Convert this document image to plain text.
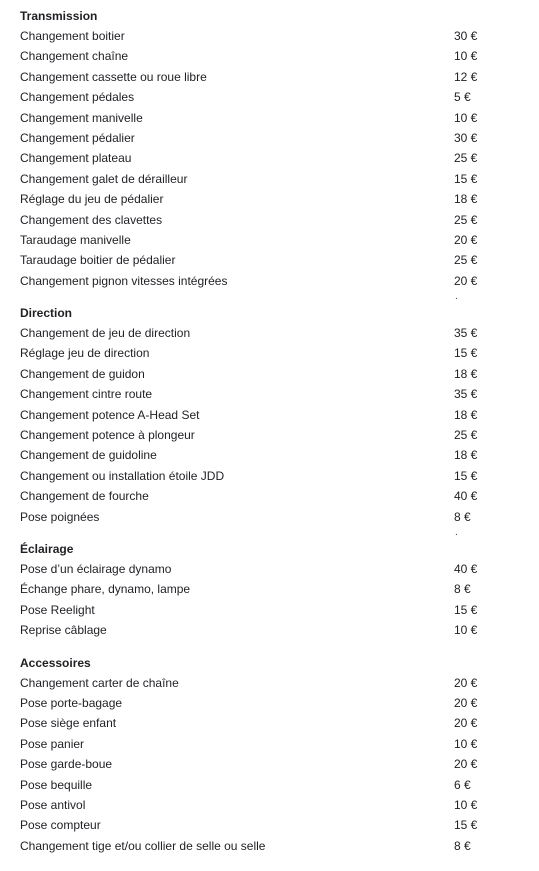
Transmission
Changement boitier	30 €
Changement chaîne	10 €
Changement cassette ou roue libre	12 €
Changement pédales	5 €
Changement manivelle	10 €
Changement pédalier	30 €
Changement plateau	25 €
Changement galet de dérailleur	15 €
Réglage du jeu de pédalier	18 €
Changement des clavettes	25 €
Taraudage manivelle	20 €
Taraudage boitier de pédalier	25 €
Changement pignon vitesses intégrées	20 €
.
Direction
Changement de jeu de direction	35 €
Réglage jeu de direction	15 €
Changement de guidon	18 €
Changement cintre route	35 €
Changement potence A-Head Set	18 €
Changement potence à plongeur	25 €
Changement de guidoline	18 €
Changement ou installation étoile JDD	15 €
Changement de fourche	40 €
Pose poignées	8 €
.
Éclairage
Pose d’un éclairage dynamo	40 €
Échange phare, dynamo, lampe	8 €
Pose Reelight	15 €
Reprise câblage	10 €
Accessoires
Changement carter de chaîne	20 €
Pose porte-bagage	20 €
Pose siège enfant	20 €
Pose panier	10 €
Pose garde-boue	20 €
Pose bequille	6 €
Pose antivol	10 €
Pose compteur	15 €
Changement tige et/ou collier de selle ou selle	8 €
